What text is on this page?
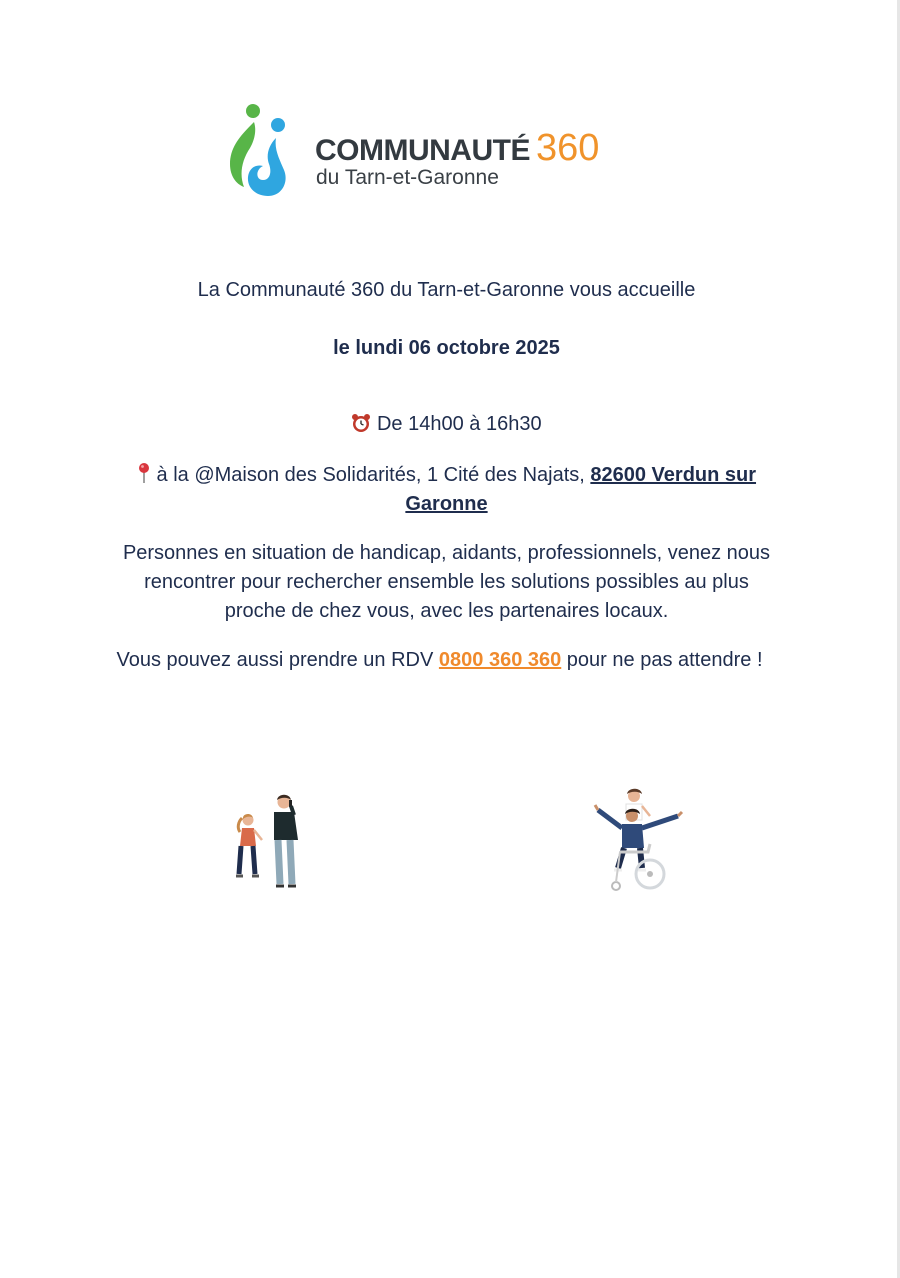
COMMUNAUTÉ 360
du Tarn-et-Garonne

La Communauté 360 du Tarn-et-Garonne vous accueille

le lundi 06 octobre 2025

De 14h00 à 16h30

à la @Maison des Solidarités, 1 Cité des Najats, 82600 Verdun sur
Garonne

Personnes en situation de handicap, aidants, professionnels, venez nous
rencontrer pour rechercher ensemble les solutions possibles au plus
proche de chez vous, avec les partenaires locaux.

Vous pouvez aussi prendre un RDV 0800 360 360 pour ne pas attendre !
